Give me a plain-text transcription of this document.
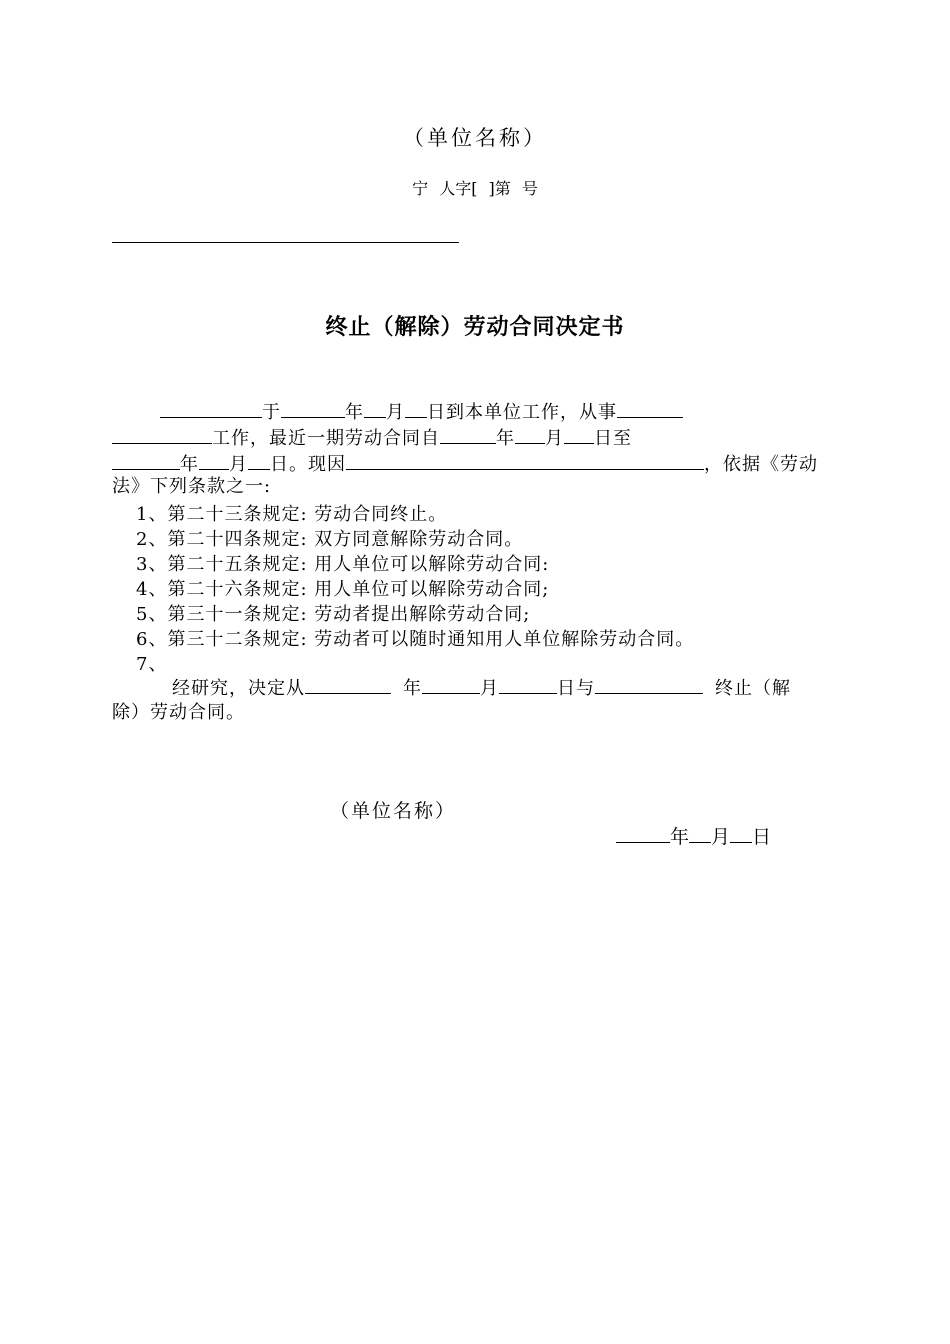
（单位名称）
宁 人字[ ]第 号
终止（解除）劳动合同决定书
于	年 月 日到本单位工作，从事
工作，最近一期劳动合同自	年 月 日至
年 月 日。现因	，依据《劳动
法》下列条款之一:
1、第二十三条规定: 劳动合同终止。
2、第二十四条规定: 双方同意解除劳动合同。
3、第二十五条规定: 用人单位可以解除劳动合同:
4、第二十六条规定: 用人单位可以解除劳动合同;
5、第三十一条规定: 劳动者提出解除劳动合同;
6、第三十二条规定: 劳动者可以随时通知用人单位解除劳动合同。
7、
经研究，决定从	年	月	日与	终止（解
除）劳动合同。
（单位名称）
年 月 日
